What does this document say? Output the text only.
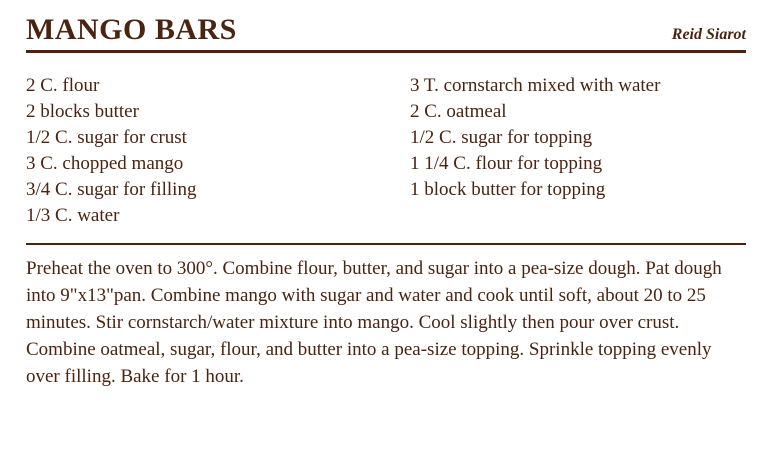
MANGO BARS	Reid Siarot
2 C. flour
2 blocks butter
1/2 C. sugar for crust
3 C. chopped mango
3/4 C. sugar for filling
1/3 C. water
3 T. cornstarch mixed with water
2 C. oatmeal
1/2 C. sugar for topping
1 1/4 C. flour for topping
1 block butter for topping
Preheat the oven to 300°. Combine flour, butter, and sugar into a pea-size dough. Pat dough into 9"x13"pan. Combine mango with sugar and water and cook until soft, about 20 to 25 minutes. Stir cornstarch/water mixture into mango. Cool slightly then pour over crust. Combine oatmeal, sugar, flour, and butter into a pea-size topping. Sprinkle topping evenly over filling. Bake for 1 hour.
